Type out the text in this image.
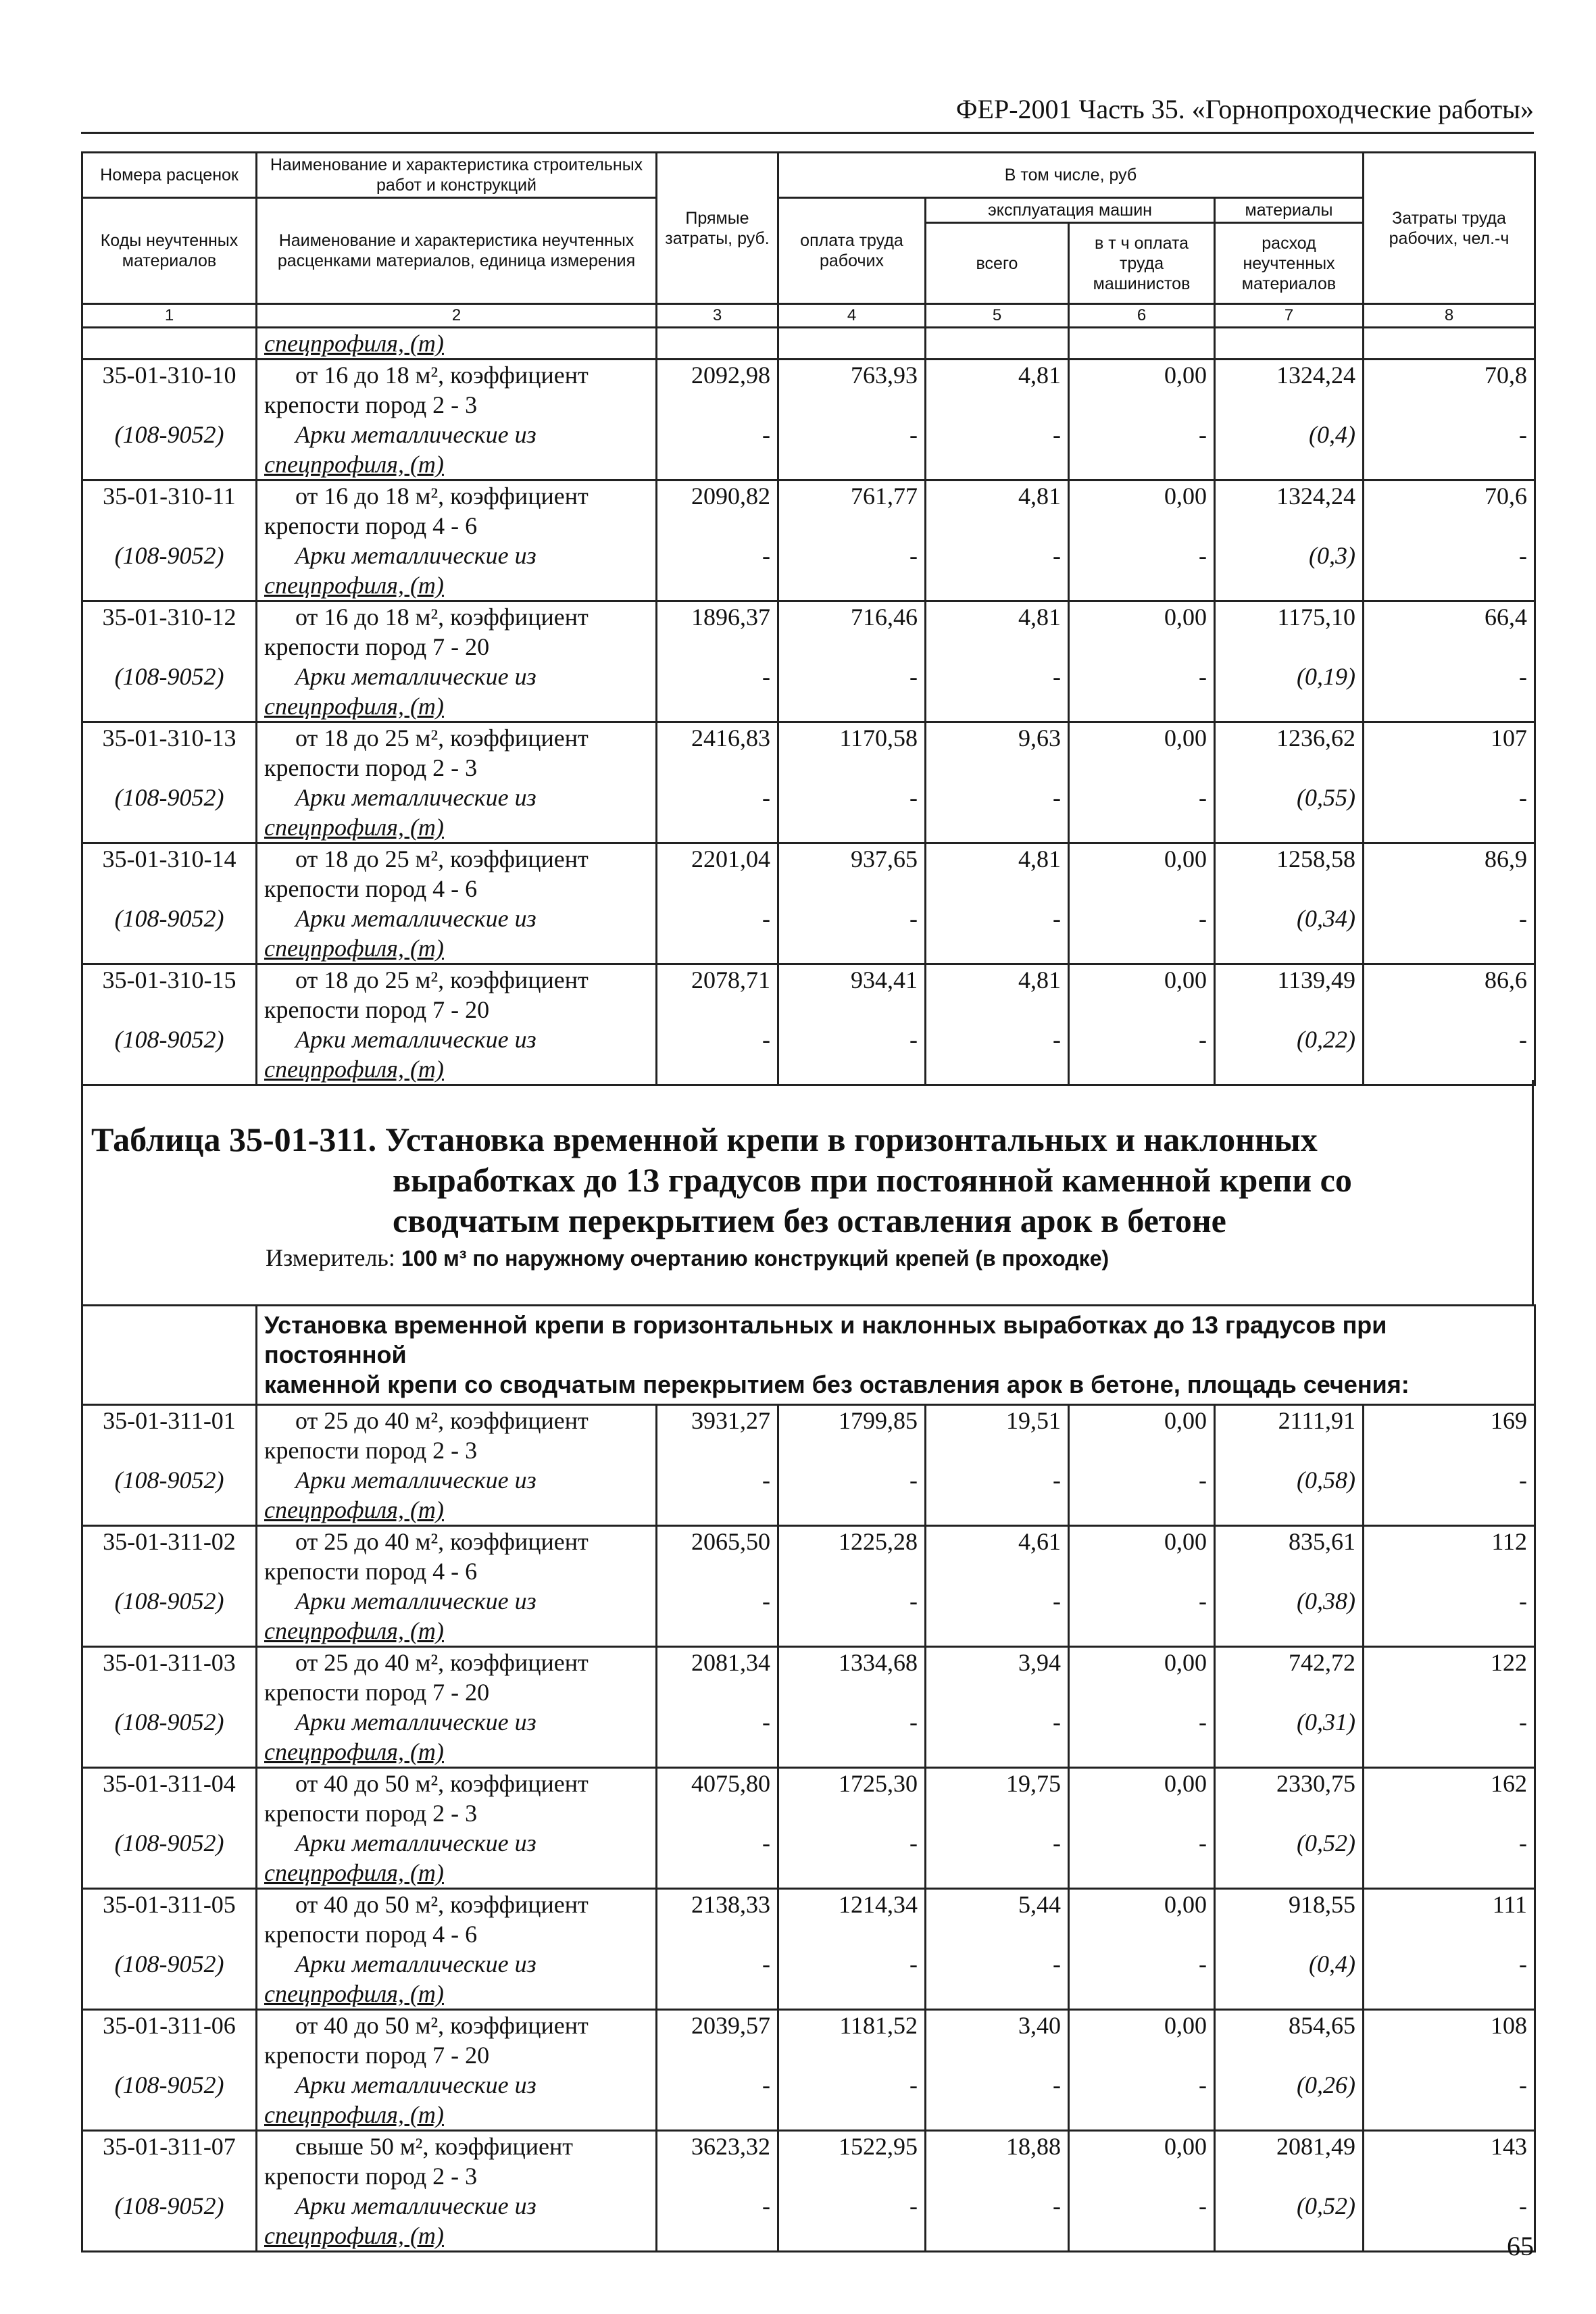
ФЕР-2001 Часть 35. «Горнопроходческие работы»
Номера расценок	Наименование и характеристика строительных работ и конструкций	Прямые затраты, руб.	В том числе, руб				Затраты труда рабочих, чел.-ч
Коды неучтенных материалов	Наименование и характеристика неучтенных расценками материалов, единица измерения		оплата труда рабочих	эксплуатация машин		материалы	
				всего	в т ч оплата труда машинистов	расход неучтенных материалов	
1	2	3	4	5	6	7	8
	спецпрофиля, (т)						
35-01-310-10	от 16 до 18 м², коэффициент	2092,98	763,93	4,81	0,00	1324,24	70,8
	крепости пород 2 - 3						
(108-9052)	Арки металлические из	-	-	-	-	(0,4)	-
	спецпрофиля, (т)						
35-01-310-11	от 16 до 18 м², коэффициент	2090,82	761,77	4,81	0,00	1324,24	70,6
	крепости пород 4 - 6						
(108-9052)	Арки металлические из	-	-	-	-	(0,3)	-
	спецпрофиля, (т)						
35-01-310-12	от 16 до 18 м², коэффициент	1896,37	716,46	4,81	0,00	1175,10	66,4
	крепости пород 7 - 20						
(108-9052)	Арки металлические из	-	-	-	-	(0,19)	-
	спецпрофиля, (т)						
35-01-310-13	от 18 до 25 м², коэффициент	2416,83	1170,58	9,63	0,00	1236,62	107
	крепости пород 2 - 3						
(108-9052)	Арки металлические из	-	-	-	-	(0,55)	-
	спецпрофиля, (т)						
35-01-310-14	от 18 до 25 м², коэффициент	2201,04	937,65	4,81	0,00	1258,58	86,9
	крепости пород 4 - 6						
(108-9052)	Арки металлические из	-	-	-	-	(0,34)	-
	спецпрофиля, (т)						
35-01-310-15	от 18 до 25 м², коэффициент	2078,71	934,41	4,81	0,00	1139,49	86,6
	крепости пород 7 - 20						
(108-9052)	Арки металлические из	-	-	-	-	(0,22)	-
	спецпрофиля, (т)						
Таблица 35-01-311. Установка временной крепи в горизонтальных и наклонных
выработках до 13 градусов при постоянной каменной крепи со
сводчатым перекрытием без оставления арок в бетоне
Измеритель: 100 м³ по наружному очертанию конструкций крепей (в проходке)

	Установка временной крепи в горизонтальных и наклонных выработках до 13 градусов при постоянной
каменной крепи со сводчатым перекрытием без оставления арок в бетоне, площадь сечения:						

35-01-311-01	от 25 до 40 м², коэффициент	3931,27	1799,85	19,51	0,00	2111,91	169
	крепости пород 2 - 3						
(108-9052)	Арки металлические из	-	-	-	-	(0,58)	-
	спецпрофиля, (т)						
35-01-311-02	от 25 до 40 м², коэффициент	2065,50	1225,28	4,61	0,00	835,61	112
	крепости пород 4 - 6						
(108-9052)	Арки металлические из	-	-	-	-	(0,38)	-
	спецпрофиля, (т)						
35-01-311-03	от 25 до 40 м², коэффициент	2081,34	1334,68	3,94	0,00	742,72	122
	крепости пород 7 - 20						
(108-9052)	Арки металлические из	-	-	-	-	(0,31)	-
	спецпрофиля, (т)						
35-01-311-04	от 40 до 50 м², коэффициент	4075,80	1725,30	19,75	0,00	2330,75	162
	крепости пород 2 - 3						
(108-9052)	Арки металлические из	-	-	-	-	(0,52)	-
	спецпрофиля, (т)						
35-01-311-05	от 40 до 50 м², коэффициент	2138,33	1214,34	5,44	0,00	918,55	111
	крепости пород 4 - 6						
(108-9052)	Арки металлические из	-	-	-	-	(0,4)	-
	спецпрофиля, (т)						
35-01-311-06	от 40 до 50 м², коэффициент	2039,57	1181,52	3,40	0,00	854,65	108
	крепости пород 7 - 20						
(108-9052)	Арки металлические из	-	-	-	-	(0,26)	-
	спецпрофиля, (т)						
35-01-311-07	свыше 50 м², коэффициент	3623,32	1522,95	18,88	0,00	2081,49	143
	крепости пород 2 - 3						
(108-9052)	Арки металлические из	-	-	-	-	(0,52)	-
	спецпрофиля, (т)							65
